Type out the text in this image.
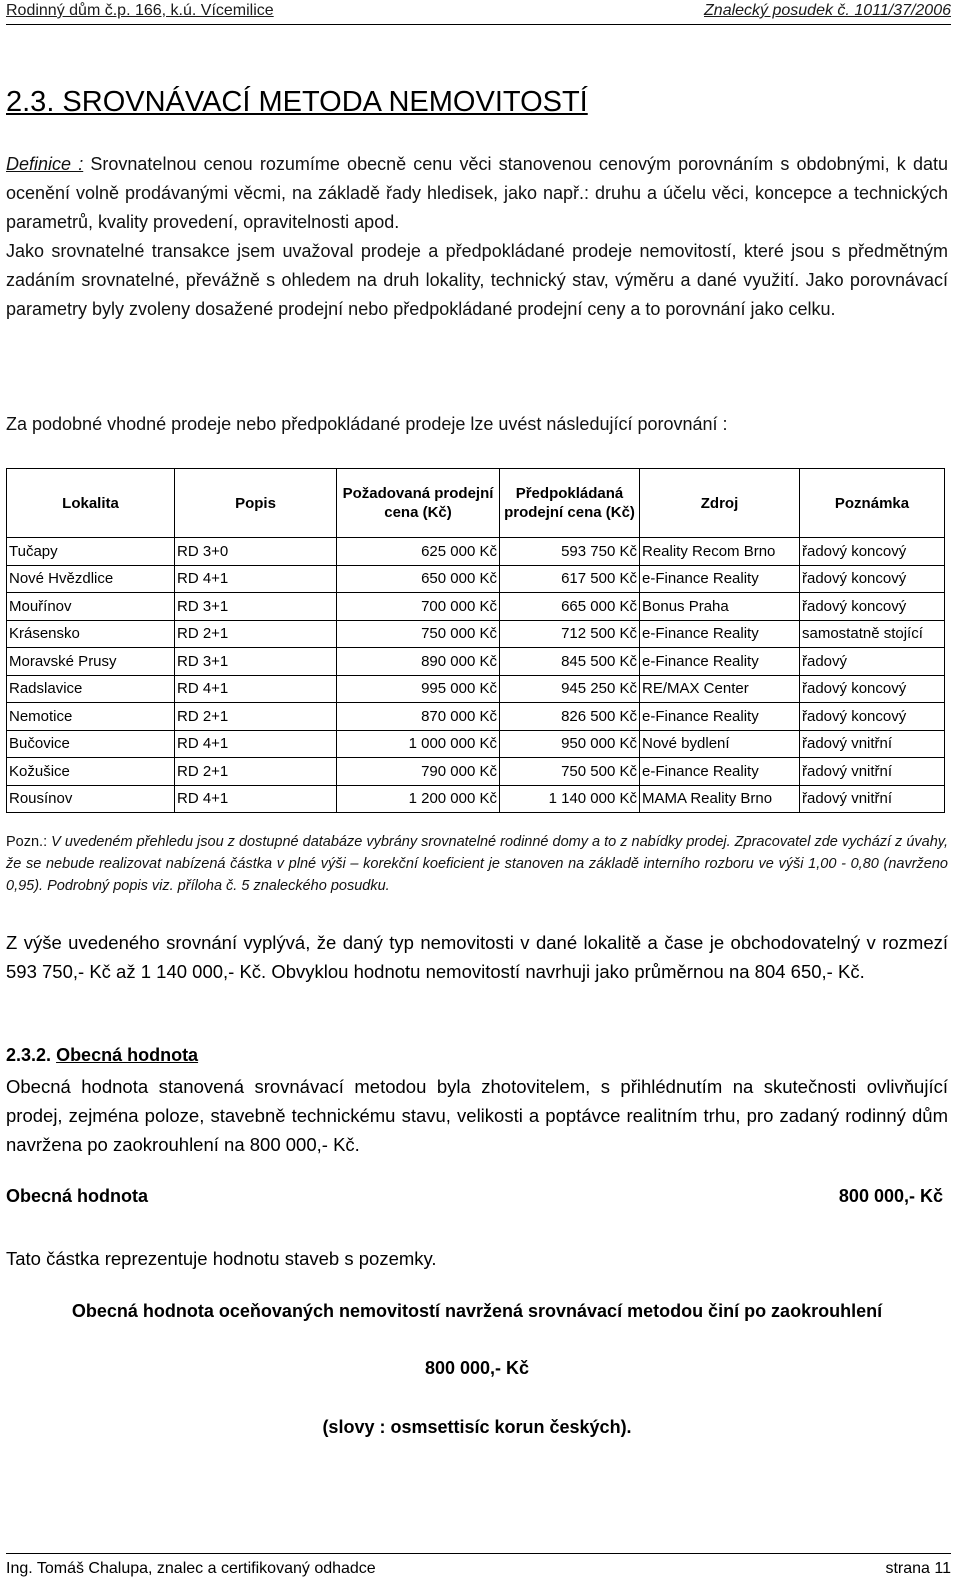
Rodinný dům č.p. 166, k.ú. Vícemilice	Znalecký posudek č. 1011/37/2006
2.3. SROVNÁVACÍ METODA NEMOVITOSTÍ
Definice : Srovnatelnou cenou rozumíme obecně cenu věci stanovenou cenovým porovnáním s obdobnými, k datu ocenění volně prodávanými věcmi, na základě řady hledisek, jako např.: druhu a účelu věci, koncepce a technických parametrů, kvality provedení, opravitelnosti apod.
Jako srovnatelné transakce jsem uvažoval prodeje a předpokládané prodeje nemovitostí, které jsou s předmětným zadáním srovnatelné, převážně s ohledem na druh lokality, technický stav, výměru a dané využití. Jako porovnávací parametry byly zvoleny dosažené prodejní nebo předpokládané prodejní ceny a to porovnání jako celku.
Za podobné vhodné prodeje nebo předpokládané prodeje lze uvést následující porovnání :
Lokalita	Popis	Požadovaná prodejní cena (Kč)	Předpokládaná prodejní cena (Kč)	Zdroj	Poznámka
Tučapy	RD 3+0	625 000 Kč	593 750 Kč	Reality Recom Brno	řadový koncový
Nové Hvězdlice	RD 4+1	650 000 Kč	617 500 Kč	e-Finance Reality	řadový koncový
Mouřínov	RD 3+1	700 000 Kč	665 000 Kč	Bonus Praha	řadový koncový
Krásensko	RD 2+1	750 000 Kč	712 500 Kč	e-Finance Reality	samostatně stojící
Moravské Prusy	RD 3+1	890 000 Kč	845 500 Kč	e-Finance Reality	řadový
Radslavice	RD 4+1	995 000 Kč	945 250 Kč	RE/MAX Center	řadový koncový
Nemotice	RD 2+1	870 000 Kč	826 500 Kč	e-Finance Reality	řadový koncový
Bučovice	RD 4+1	1 000 000 Kč	950 000 Kč	Nové bydlení	řadový vnitřní
Kožušice	RD 2+1	790 000 Kč	750 500 Kč	e-Finance Reality	řadový vnitřní
Rousínov	RD 4+1	1 200 000 Kč	1 140 000 Kč	MAMA Reality Brno	řadový vnitřní
Pozn.: V uvedeném přehledu jsou z dostupné databáze vybrány srovnatelné rodinné domy a to z nabídky prodej. Zpracovatel zde vychází z úvahy, že se nebude realizovat nabízená částka v plné výši – korekční koeficient je stanoven na základě interního rozboru ve výši 1,00 - 0,80 (navrženo 0,95). Podrobný popis viz. příloha č. 5 znaleckého posudku.
Z výše uvedeného srovnání vyplývá, že daný typ nemovitosti v dané lokalitě a čase je obchodovatelný v rozmezí 593 750,- Kč až 1 140 000,- Kč. Obvyklou hodnotu nemovitostí navrhuji jako průměrnou na 804 650,- Kč.
2.3.2. Obecná hodnota
Obecná hodnota stanovená srovnávací metodou byla zhotovitelem, s přihlédnutím na skutečnosti ovlivňující prodej, zejména poloze, stavebně technickému stavu, velikosti a poptávce realitním trhu, pro zadaný rodinný dům navržena po zaokrouhlení na 800 000,- Kč.
Obecná hodnota	800 000,- Kč
Tato částka reprezentuje hodnotu staveb s pozemky.
Obecná hodnota oceňovaných nemovitostí navržená srovnávací metodou činí po zaokrouhlení
800 000,- Kč
(slovy : osmsettisíc korun českých).
Ing. Tomáš Chalupa, znalec a certifikovaný odhadce	strana 11
